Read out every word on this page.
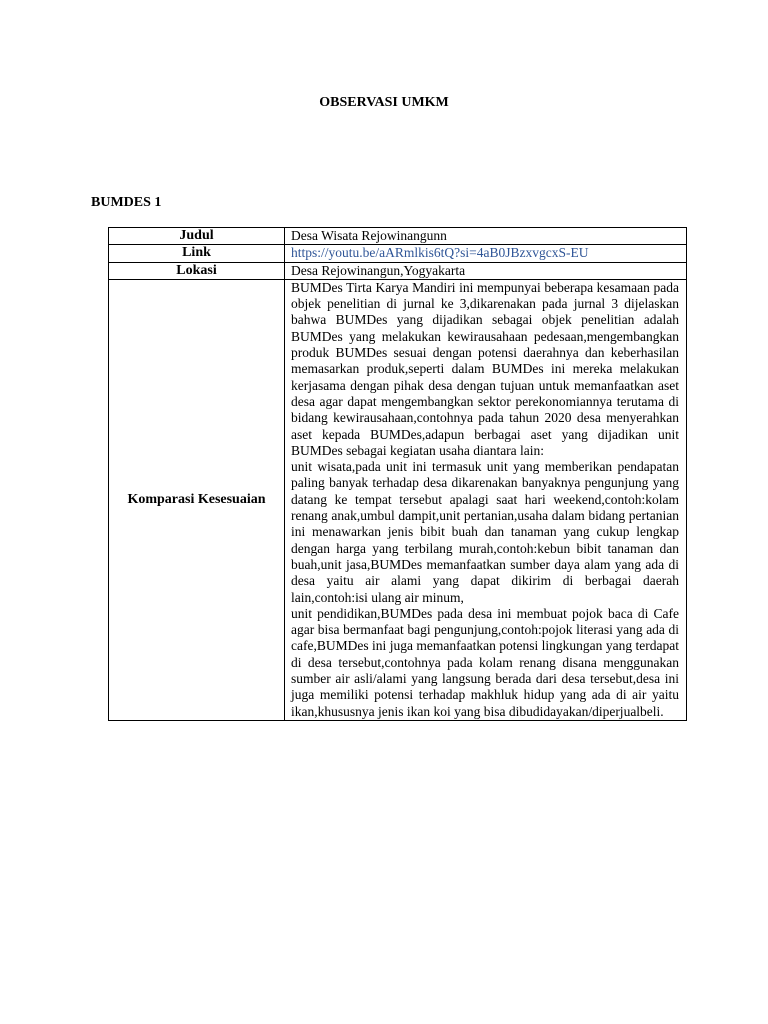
OBSERVASI UMKM
BUMDES 1
Judul	Desa Wisata Rejowinangunn
Link	https://youtu.be/aARmlkis6tQ?si=4aB0JBzxvgcxS-EU
Lokasi	Desa Rejowinangun,Yogyakarta
Komparasi Kesesuaian	BUMDes Tirta Karya Mandiri ini mempunyai beberapa kesamaan pada objek penelitian di jurnal ke 3,dikarenakan pada jurnal 3 dijelaskan bahwa BUMDes yang dijadikan sebagai objek penelitian adalah BUMDes yang melakukan kewirausahaan pedesaan,mengembangkan produk BUMDes sesuai dengan potensi daerahnya dan keberhasilan memasarkan produk,seperti dalam BUMDes ini mereka melakukan kerjasama dengan pihak desa dengan tujuan untuk memanfaatkan aset desa agar dapat mengembangkan sektor perekonomiannya terutama di bidang kewirausahaan,contohnya pada tahun 2020 desa menyerahkan aset kepada BUMDes,adapun berbagai aset yang dijadikan unit BUMDes sebagai kegiatan usaha diantara lain:
unit wisata,pada unit ini termasuk unit yang memberikan pendapatan paling banyak terhadap desa dikarenakan banyaknya pengunjung yang datang ke tempat tersebut apalagi saat hari weekend,contoh:kolam renang anak,umbul dampit,unit pertanian,usaha dalam bidang pertanian ini menawarkan jenis bibit buah dan tanaman yang cukup lengkap dengan harga yang terbilang murah,contoh:kebun bibit tanaman dan buah,unit jasa,BUMDes memanfaatkan sumber daya alam yang ada di desa yaitu air alami yang dapat dikirim di berbagai daerah lain,contoh:isi ulang air minum,
unit pendidikan,BUMDes pada desa ini membuat pojok baca di Cafe agar bisa bermanfaat bagi pengunjung,contoh:pojok literasi yang ada di cafe,BUMDes ini juga memanfaatkan potensi lingkungan yang terdapat di desa tersebut,contohnya pada kolam renang disana menggunakan sumber air asli/alami yang langsung berada dari desa tersebut,desa ini juga memiliki potensi terhadap makhluk hidup yang ada di air yaitu ikan,khususnya jenis ikan koi yang bisa dibudidayakan/diperjualbeli.
